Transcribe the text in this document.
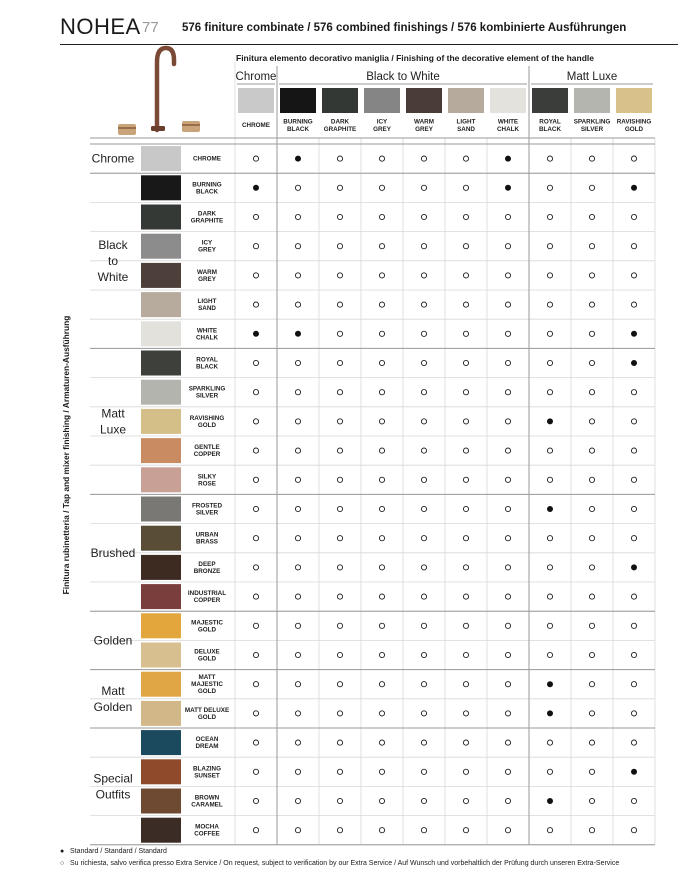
NOHEA 77 576 finiture combinate / 576 combined finishings / 576 kombinierte Ausführungen
Finitura elemento decorativo maniglia / Finishing of the decorative element of the handle
Finitura rubinetteria / Tap and mixer finishing / Armaturen-Ausführung
Chrome	Black to White	Matt Luxe
CHROME
BURNING BLACK
DARK GRAPHITE
ICY GREY
WARM GREY
LIGHT SAND
WHITE CHALK
ROYAL BLACK
SPARKLING SILVER
RAVISHING GOLD
Chrome
Black to White
Matt Luxe
Brushed
Golden
Matt Golden
Special Outfits
CHROME
BURNING BLACK
DARK GRAPHITE
ICY GREY
WARM GREY
LIGHT SAND
WHITE CHALK
ROYAL BLACK
SPARKLING SILVER
RAVISHING GOLD
GENTLE COPPER
SILKY ROSE
FROSTED SILVER
URBAN BRASS
DEEP BRONZE
INDUSTRIAL COPPER
MAJESTIC GOLD
DELUXE GOLD
MATT MAJESTIC GOLD
MATT DELUXE GOLD
OCEAN DREAM
BLAZING SUNSET
BROWN CARAMEL
MOCHA COFFEE
● Standard / Standard / Standard
○ Su richiesta, salvo verifica presso Extra Service / On request, subject to verification by our Extra Service / Auf Wunsch und vorbehaltlich der Prüfung durch unseren Extra-Service
